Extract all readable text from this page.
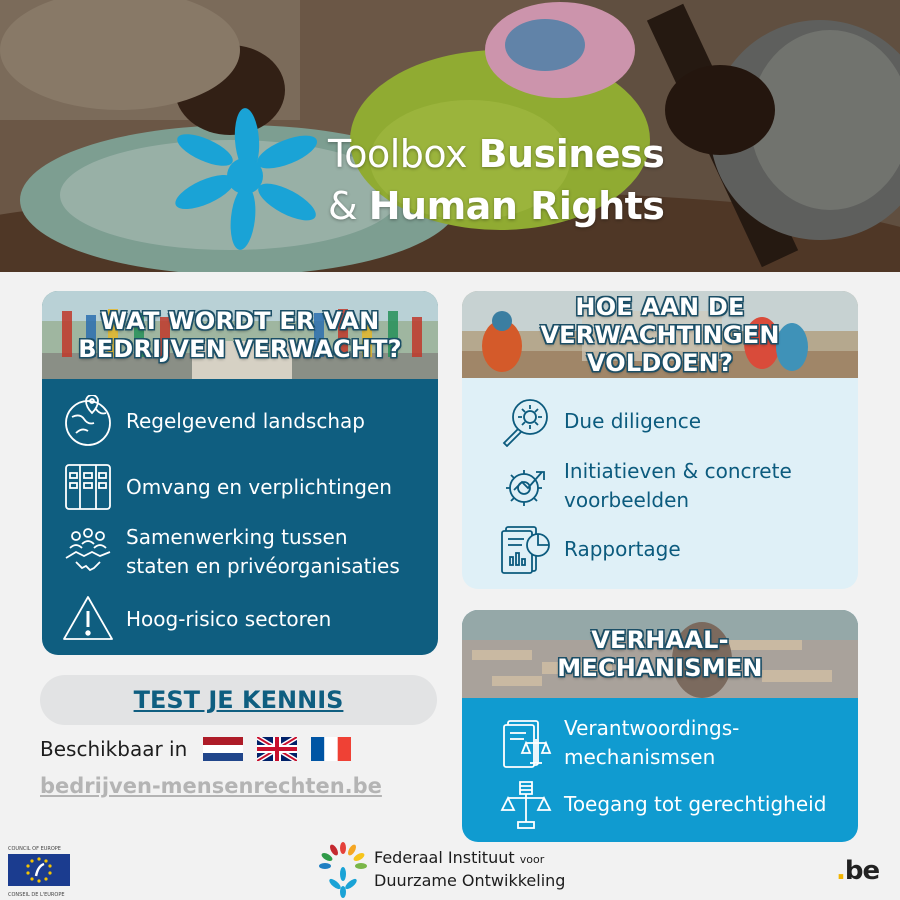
Toolbox Business
& Human Rights
WAT WORDT ER VAN
BEDRIJVEN VERWACHT?
Regelgevend landschap
Omvang en verplichtingen
Samenwerking tussen
staten en privéorganisaties
Hoog-risico sectoren
HOE AAN DE
VERWACHTINGEN
VOLDOEN?
Due diligence
Initiatieven & concrete
voorbeelden
Rapportage
VERHAAL-
MECHANISMEN
Verantwoordings-
mechanismsen
Toegang tot gerechtigheid
TEST JE KENNIS
Beschikbaar in
bedrijven-mensenrechten.be
COUNCIL OF EUROPE
CONSEIL DE L'EUROPE
Federaal Instituut voor
Duurzame Ontwikkeling	.be
